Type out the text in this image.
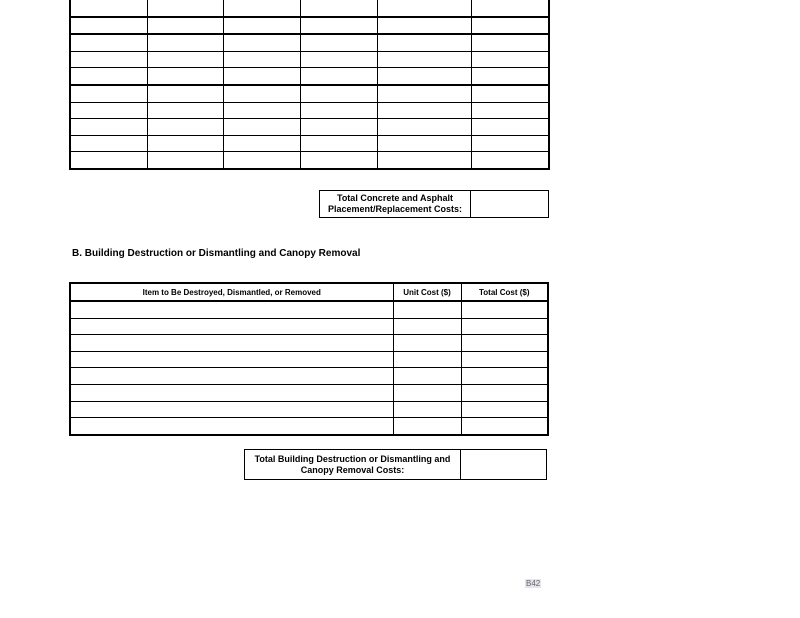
Total Concrete and Asphalt
Placement/Replacement Costs:	
B. Building Destruction or Dismantling and Canopy Removal
Item to Be Destroyed, Dismantled, or Removed	Unit Cost ($)	Total Cost ($)

Total Building Destruction or Dismantling and
Canopy Removal Costs:	
B42
